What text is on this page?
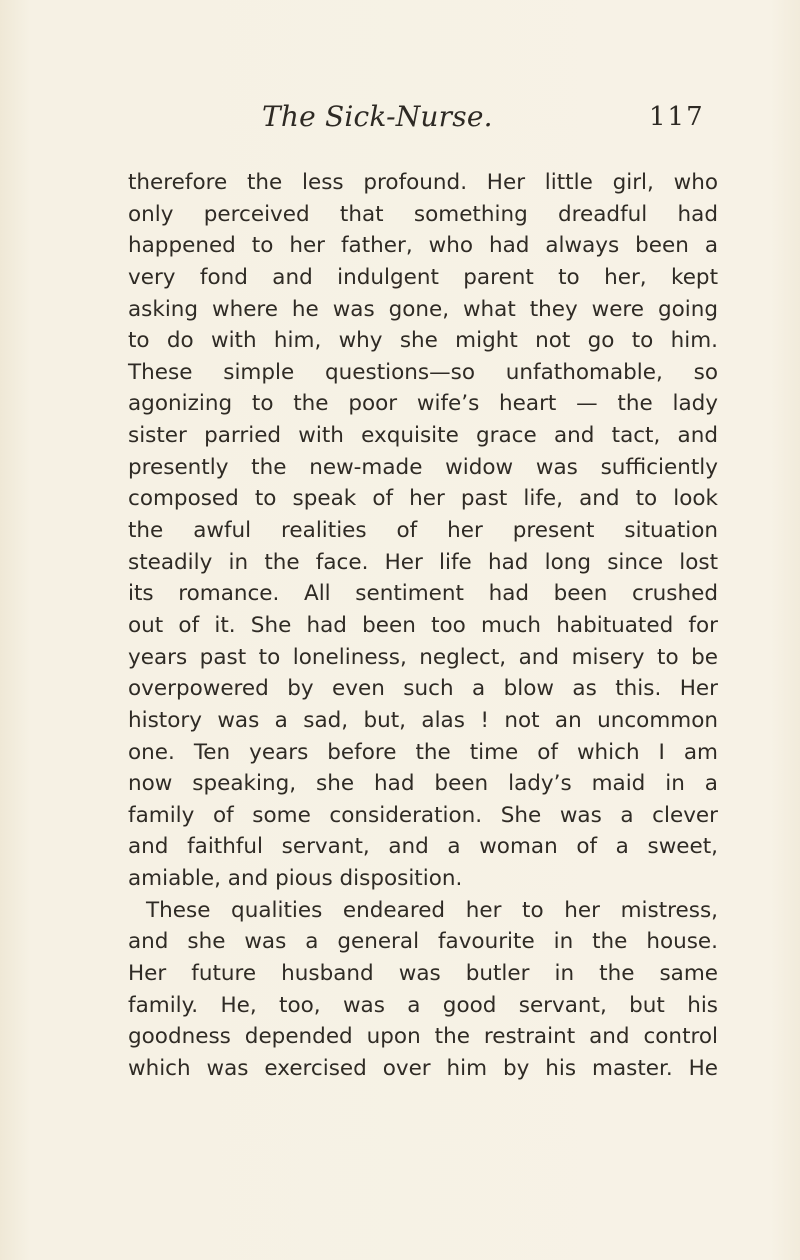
The Sick-Nurse.	117
therefore the less profound. Her little girl, who
only perceived that something dreadful had
happened to her father, who had always been a
very fond and indulgent parent to her, kept
asking where he was gone, what they were going
to do with him, why she might not go to him.
These simple questions—so unfathomable, so
agonizing to the poor wife’s heart — the lady
sister parried with exquisite grace and tact, and
presently the new-made widow was sufficiently
composed to speak of her past life, and to look
the awful realities of her present situation
steadily in the face. Her life had long since lost
its romance. All sentiment had been crushed
out of it. She had been too much habituated for
years past to loneliness, neglect, and misery to be
overpowered by even such a blow as this. Her
history was a sad, but, alas ! not an uncommon
one. Ten years before the time of which I am
now speaking, she had been lady’s maid in a
family of some consideration. She was a clever
and faithful servant, and a woman of a sweet,
amiable, and pious disposition.
These qualities endeared her to her mistress,
and she was a general favourite in the house.
Her future husband was butler in the same
family. He, too, was a good servant, but his
goodness depended upon the restraint and control
which was exercised over him by his master. He
